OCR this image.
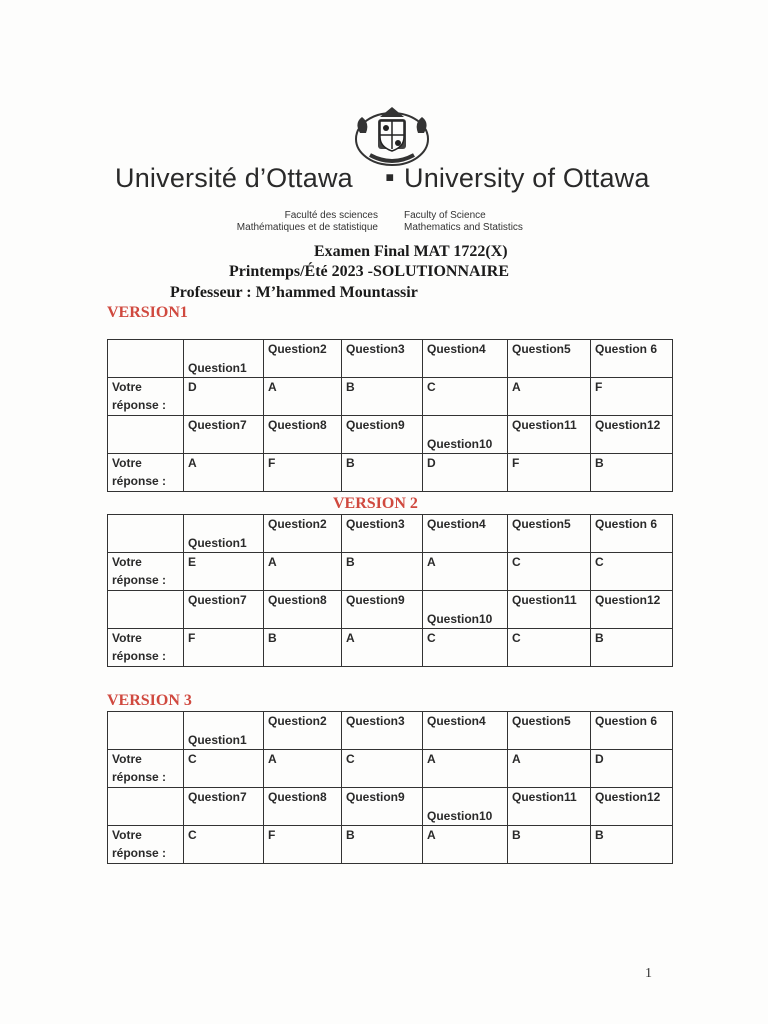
Université d’Ottawa ▪ University of Ottawa
Faculté des sciences
Mathématiques et de statistique
Faculty of Science
Mathematics and Statistics
Examen Final MAT 1722(X)
Printemps/Été 2023 -SOLUTIONNAIRE
Professeur : M’hammed Mountassir
VERSION1
	Question1	Question2	Question3	Question4	Question5	Question 6
Votre réponse :	D	A	B	C	A	F
	Question7	Question8	Question9	Question10	Question11	Question12
Votre réponse :	A	F	B	D	F	B
VERSION 2
	Question1	Question2	Question3	Question4	Question5	Question 6
Votre réponse :	E	A	B	A	C	C
	Question7	Question8	Question9	Question10	Question11	Question12
Votre réponse :	F	B	A	C	C	B
VERSION 3
	Question1	Question2	Question3	Question4	Question5	Question 6
Votre réponse :	C	A	C	A	A	D
	Question7	Question8	Question9	Question10	Question11	Question12
Votre réponse :	C	F	B	A	B	B
1
